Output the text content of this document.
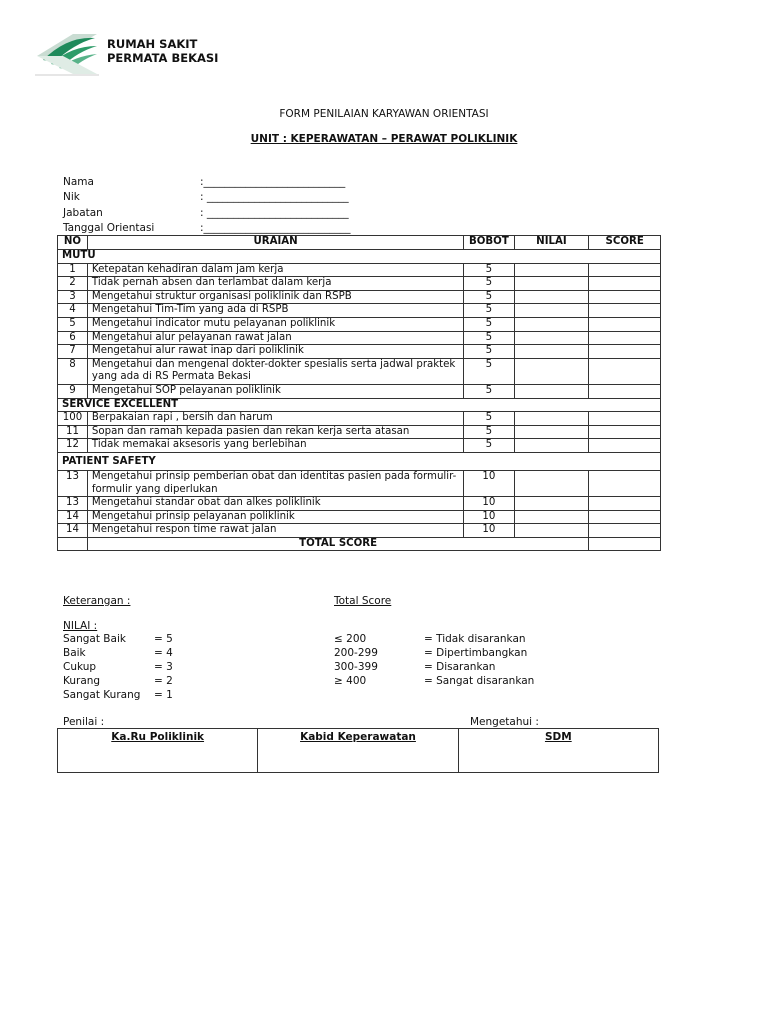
RUMAH SAKIT
PERMATA BEKASI
FORM PENILAIAN KARYAWAN ORIENTASI
UNIT : KEPERAWATAN – PERAWAT POLIKLINIK
Nama	:___________________________
Nik	: ___________________________
Jabatan	: ___________________________
Tanggal Orientasi	:____________________________
NO	URAIAN	BOBOT	NILAI	SCORE
MUTU				
1	Ketepatan kehadiran dalam jam kerja	5		
2	Tidak pernah absen dan terlambat dalam kerja	5		
3	Mengetahui struktur organisasi poliklinik dan RSPB	5		
4	Mengetahui Tim-Tim yang ada di RSPB	5		
5	Mengetahui indicator mutu pelayanan poliklinik	5		
6	Mengetahui alur pelayanan rawat jalan	5		
7	Mengetahui alur rawat inap dari poliklinik	5		
8	Mengetahui dan mengenal dokter-dokter spesialis serta jadwal praktek yang ada di RS Permata Bekasi	5		
9	Mengetahui SOP pelayanan poliklinik	5		
SERVICE EXCELLENT				
100	Berpakaian rapi , bersih dan harum	5		
11	Sopan dan ramah kepada pasien dan rekan kerja serta atasan	5		
12	Tidak memakai aksesoris yang berlebihan	5		
PATIENT SAFETY				
13	Mengetahui prinsip pemberian obat dan identitas pasien pada formulir-formulir yang diperlukan	10		
13	Mengetahui standar obat dan alkes poliklinik	10		
14	Mengetahui prinsip pelayanan poliklinik	10		
14	Mengetahui respon time rawat jalan	10		
	TOTAL SCORE			
Keterangan :	Total Score
NILAI :
Sangat Baik	= 5
Baik	= 4
Cukup	= 3
Kurang	= 2
Sangat Kurang	= 1
≤ 200	= Tidak disarankan
200-299	= Dipertimbangkan
300-399	= Disarankan
≥ 400	= Sangat disarankan
Penilai :	Mengetahui :
Ka.Ru Poliklinik	Kabid Keperawatan	SDM
